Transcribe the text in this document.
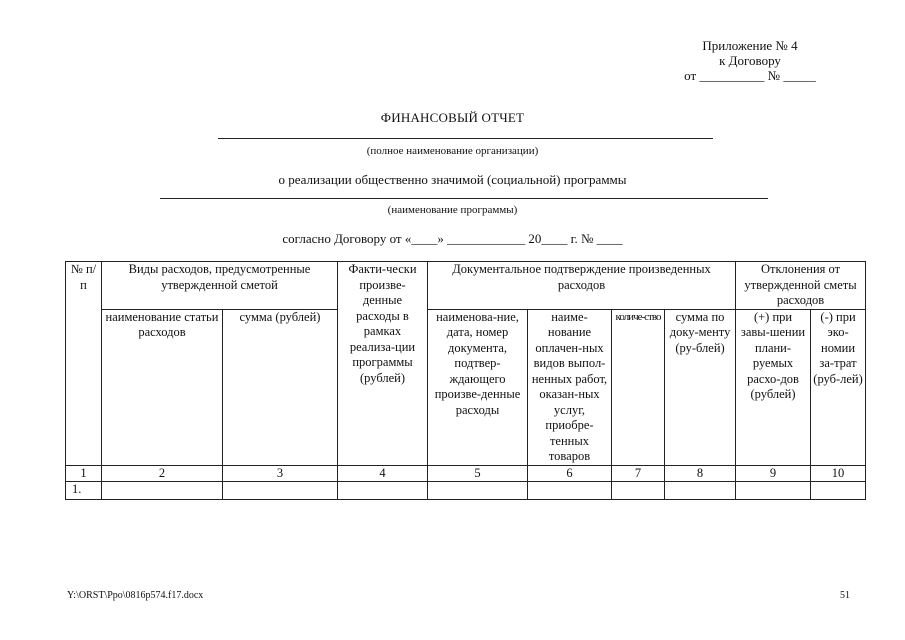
Приложение № 4
к Договору
от __________ № _____
ФИНАНСОВЫЙ ОТЧЕТ
(полное наименование организации)
о реализации общественно значимой (социальной) программы
(наименование программы)
согласно Договору от «____» ____________ 20____ г. № ____
№ п/п	Виды расходов, предусмотренные утвержденной сметой		Факти-чески произве-денные расходы в рамках реализа-ции программы (рублей)	Документальное подтверждение произведенных расходов				Отклонения от утвержденной сметы расходов	
	наименование статьи расходов	сумма (рублей)		наименова-ние, дата, номер документа, подтвер-ждающего произве-денные расходы	наиме-нование оплачен-ных видов выпол-ненных работ, оказан-ных услуг, приобре-тенных товаров	количе-ство	сумма по доку-менту (ру-блей)	(+) при завы-шении плани-руемых расхо-дов (рублей)	(-) при эко-номии за-трат (руб-лей)
1	2	3	4	5	6	7	8	9	10
1.									
Y:\ORST\Ppo\0816p574.f17.docx	51
